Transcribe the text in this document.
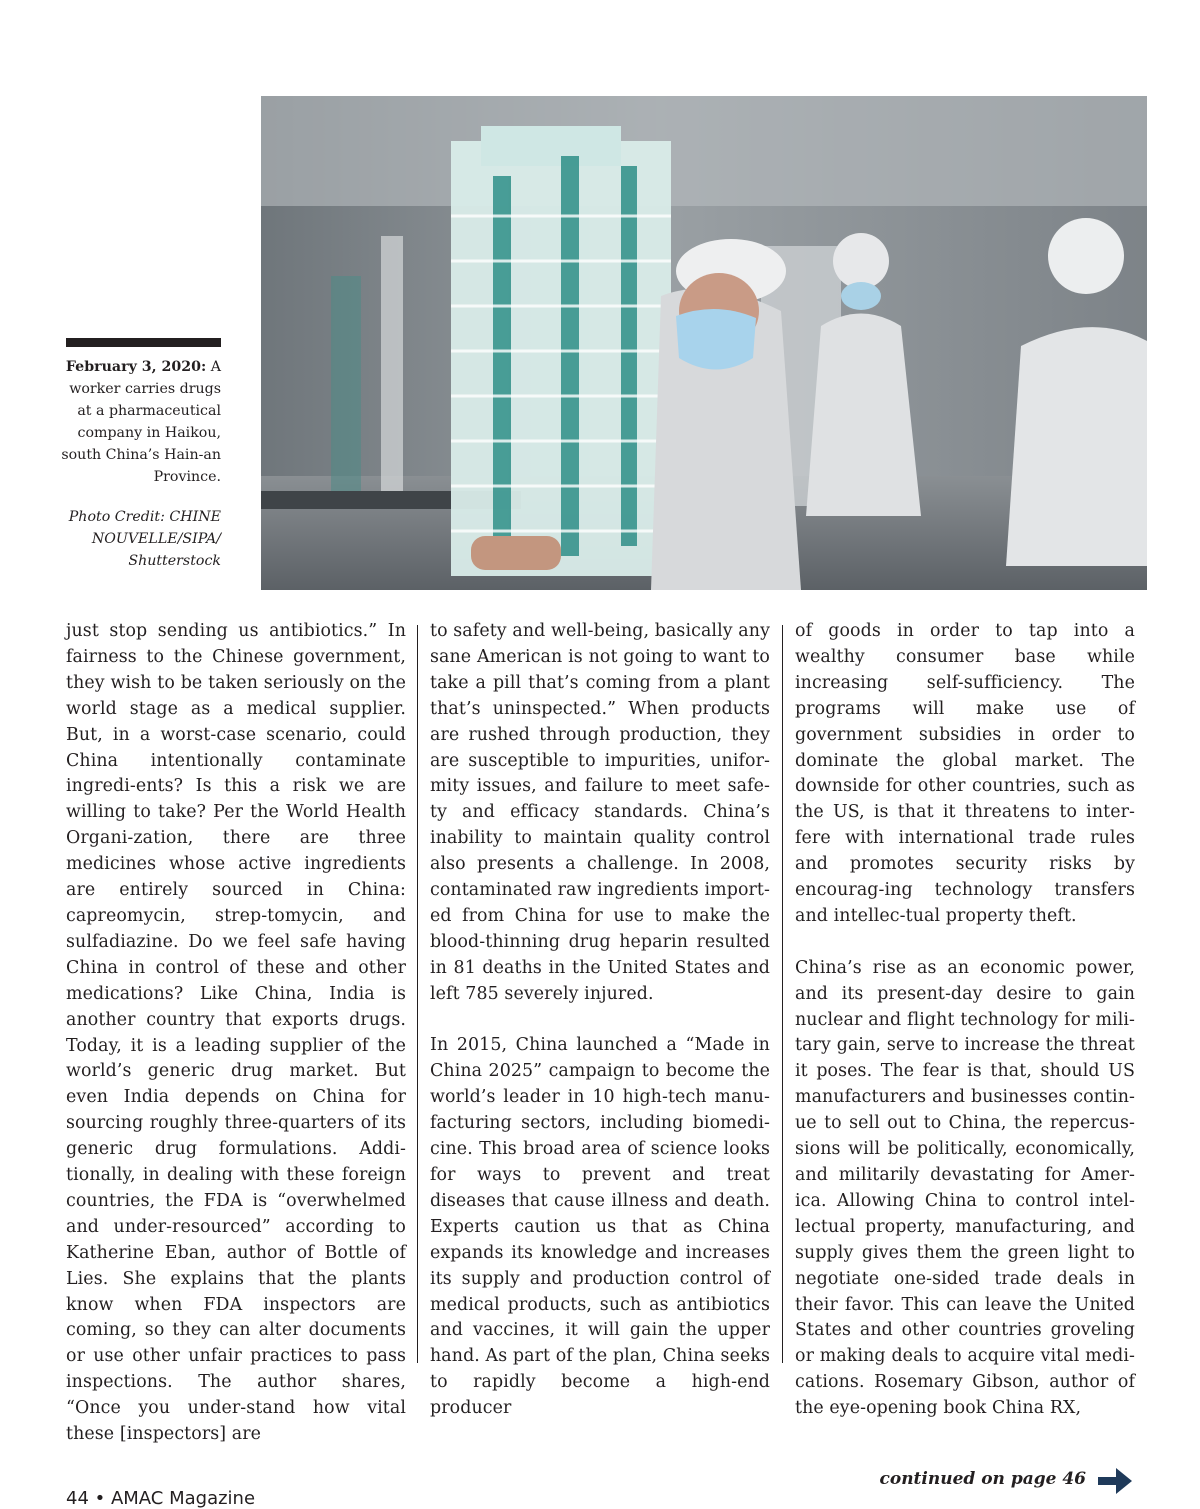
February 3, 2020: A worker carries drugs at a pharmaceutical company in Haikou, south China’s Hain-an Province.

Photo Credit: CHINE NOUVELLE/SIPA/ Shutterstock

just stop sending us antibiotics.” In fairness to the Chinese government, they wish to be taken seriously on the world stage as a medical supplier. But, in a worst-case scenario, could China intentionally contaminate ingredi-ents? Is this a risk we are willing to take? Per the World Health Organi-zation, there are three medicines whose active ingredients are entirely sourced in China: capreomycin, strep-tomycin, and sulfadiazine. Do we feel safe having China in control of these and other medications? Like China, India is another country that exports drugs. Today, it is a leading supplier of the world’s generic drug market. But even India depends on China for sourcing roughly three-quarters of its generic drug formulations. Addi-tionally, in dealing with these foreign countries, the FDA is “overwhelmed and under-resourced” according to Katherine Eban, author of Bottle of Lies. She explains that the plants know when FDA inspectors are coming, so they can alter documents or use other unfair practices to pass inspections. The author shares, “Once you under-stand how vital these [inspectors] are

to safety and well-being, basically any sane American is not going to want to take a pill that’s coming from a plant that’s uninspected.” When products are rushed through production, they are susceptible to impurities, unifor-mity issues, and failure to meet safe-ty and efficacy standards. China’s inability to maintain quality control also presents a challenge. In 2008, contaminated raw ingredients import-ed from China for use to make the blood-thinning drug heparin resulted in 81 deaths in the United States and left 785 severely injured.

In 2015, China launched a “Made in China 2025” campaign to become the world’s leader in 10 high-tech manu-facturing sectors, including biomedi-cine. This broad area of science looks for ways to prevent and treat diseases that cause illness and death. Experts caution us that as China expands its knowledge and increases its supply and production control of medical products, such as antibiotics and vaccines, it will gain the upper hand. As part of the plan, China seeks to rapidly become a high-end producer

of goods in order to tap into a wealthy consumer base while increasing self-sufficiency. The programs will make use of government subsidies in order to dominate the global market. The downside for other countries, such as the US, is that it threatens to inter-fere with international trade rules and promotes security risks by encourag-ing technology transfers and intellec-tual property theft.

China’s rise as an economic power, and its present-day desire to gain nuclear and flight technology for mili-tary gain, serve to increase the threat it poses. The fear is that, should US manufacturers and businesses contin-ue to sell out to China, the repercus-sions will be politically, economically, and militarily devastating for Amer-ica. Allowing China to control intel-lectual property, manufacturing, and supply gives them the green light to negotiate one-sided trade deals in their favor. This can leave the United States and other countries groveling or making deals to acquire vital medi-cations. Rosemary Gibson, author of the eye-opening book China RX,

44 • AMAC Magazine
continued on page 46
